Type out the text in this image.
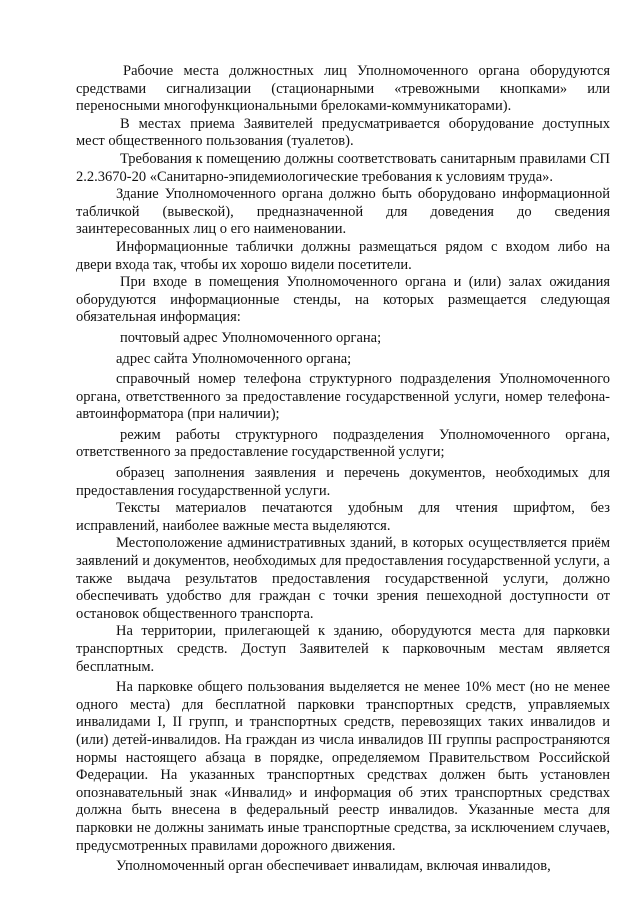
Рабочие места должностных лиц Уполномоченного органа оборудуются средствами сигнализации (стационарными «тревожными кнопками» или переносными многофункциональными брелоками-коммуникаторами).

В местах приема Заявителей предусматривается оборудование доступных мест общественного пользования (туалетов).

Требования к помещению должны соответствовать санитарным правилами СП 2.2.3670-20 «Санитарно-эпидемиологические требования к условиям труда».

Здание Уполномоченного органа должно быть оборудовано информационной табличкой (вывеской), предназначенной для доведения до сведения заинтересованных лиц о его наименовании.

Информационные таблички должны размещаться рядом с входом либо на двери входа так, чтобы их хорошо видели посетители.

При входе в помещения Уполномоченного органа и (или) залах ожидания оборудуются информационные стенды, на которых размещается следующая обязательная информация:

почтовый адрес Уполномоченного органа;

адрес сайта Уполномоченного органа;

справочный номер телефона структурного подразделения Уполномоченного органа, ответственного за предоставление государственной услуги, номер телефона-автоинформатора (при наличии);

режим работы структурного подразделения Уполномоченного органа, ответственного за предоставление государственной услуги;

образец заполнения заявления и перечень документов, необходимых для предоставления государственной услуги.

Тексты материалов печатаются удобным для чтения шрифтом, без исправлений, наиболее важные места выделяются.

Местоположение административных зданий, в которых осуществляется приём заявлений и документов, необходимых для предоставления государственной услуги, а также выдача результатов предоставления государственной услуги, должно обеспечивать удобство для граждан с точки зрения пешеходной доступности от остановок общественного транспорта.

На территории, прилегающей к зданию, оборудуются места для парковки транспортных средств. Доступ Заявителей к парковочным местам является бесплатным.

На парковке общего пользования выделяется не менее 10% мест (но не менее одного места) для бесплатной парковки транспортных средств, управляемых инвалидами I, II групп, и транспортных средств, перевозящих таких инвалидов и (или) детей-инвалидов. На граждан из числа инвалидов III группы распространяются нормы настоящего абзаца в порядке, определяемом Правительством Российской Федерации. На указанных транспортных средствах должен быть установлен опознавательный знак «Инвалид» и информация об этих транспортных средствах должна быть внесена в федеральный реестр инвалидов. Указанные места для парковки не должны занимать иные транспортные средства, за исключением случаев, предусмотренных правилами дорожного движения.

Уполномоченный орган обеспечивает инвалидам, включая инвалидов,
